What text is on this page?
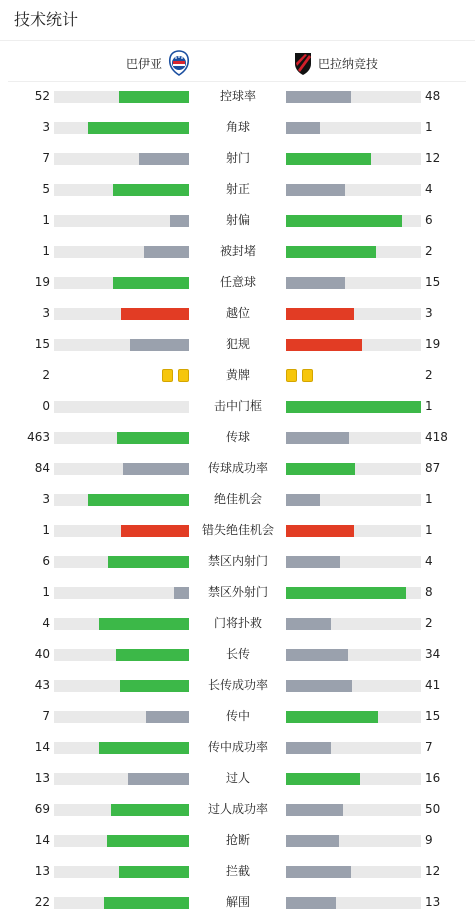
技术统计
巴伊亚	巴拉纳竞技
52	控球率	48
3	角球	1
7	射门	12
5	射正	4
1	射偏	6
1	被封堵	2
19	任意球	15
3	越位	3
15	犯规	19
2	黄牌	2
0	击中门框	1
463	传球	418
84	传球成功率	87
3	绝佳机会	1
1	错失绝佳机会	1
6	禁区内射门	4
1	禁区外射门	8
4	门将扑救	2
40	长传	34
43	长传成功率	41
7	传中	15
14	传中成功率	7
13	过人	16
69	过人成功率	50
14	抢断	9
13	拦截	12
22	解围	13
